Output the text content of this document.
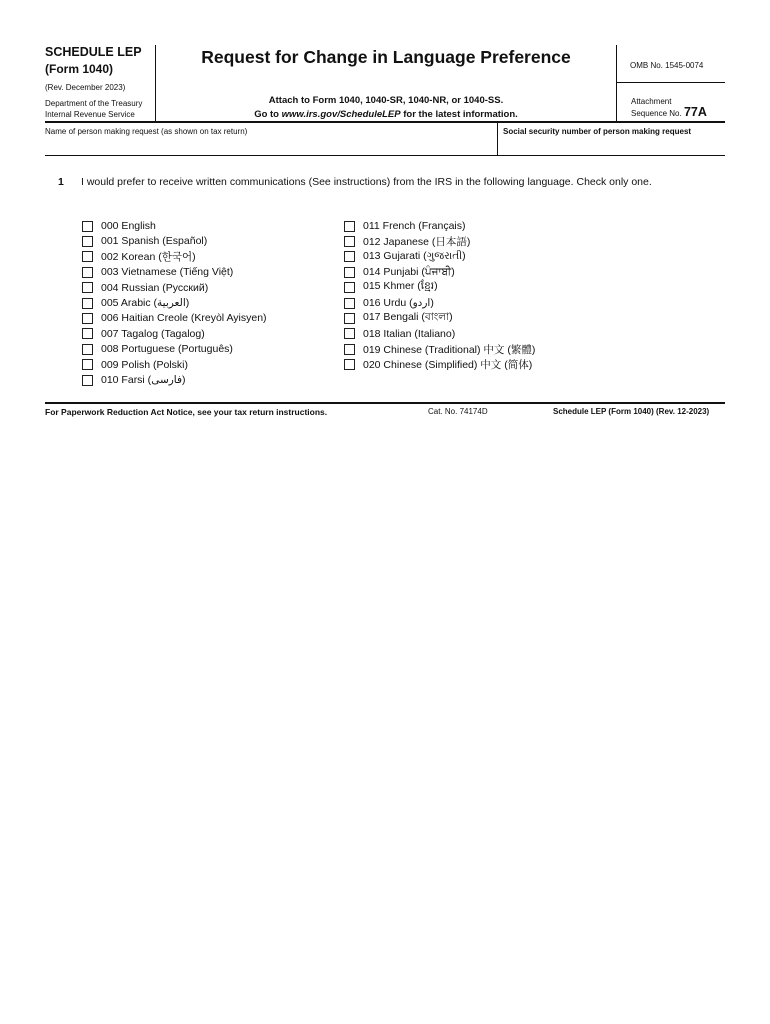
SCHEDULE LEP
(Form 1040)
(Rev. December 2023)
Department of the Treasury
Internal Revenue Service
Request for Change in Language Preference
Attach to Form 1040, 1040-SR, 1040-NR, or 1040-SS.
Go to www.irs.gov/ScheduleLEP for the latest information.
OMB No. 1545-0074
Attachment
Sequence No. 77A
Name of person making request (as shown on tax return)	Social security number of person making request
1 I would prefer to receive written communications (See instructions) from the IRS in the following language. Check only one.
000 English
001 Spanish (Español)
002 Korean (한국어)
003 Vietnamese (Tiếng Việt)
004 Russian (Pусский)
005 Arabic (العربية)
006 Haitian Creole (Kreyòl Ayisyen)
007 Tagalog (Tagalog)
008 Portuguese (Português)
009 Polish (Polski)
010 Farsi (فارسی)
011 French (Français)
012 Japanese (日本語)
013 Gujarati (ગુજરાતી)
014 Punjabi (ਪੰਜਾਬੀ)
015 Khmer (ខ្មែរ)
016 Urdu (اردو)
017 Bengali (বাংলা)
018 Italian (Italiano)
019 Chinese (Traditional) 中文 (繁體)
020 Chinese (Simplified) 中文 (简体)
For Paperwork Reduction Act Notice, see your tax return instructions.	Cat. No. 74174D	Schedule LEP (Form 1040) (Rev. 12-2023)
